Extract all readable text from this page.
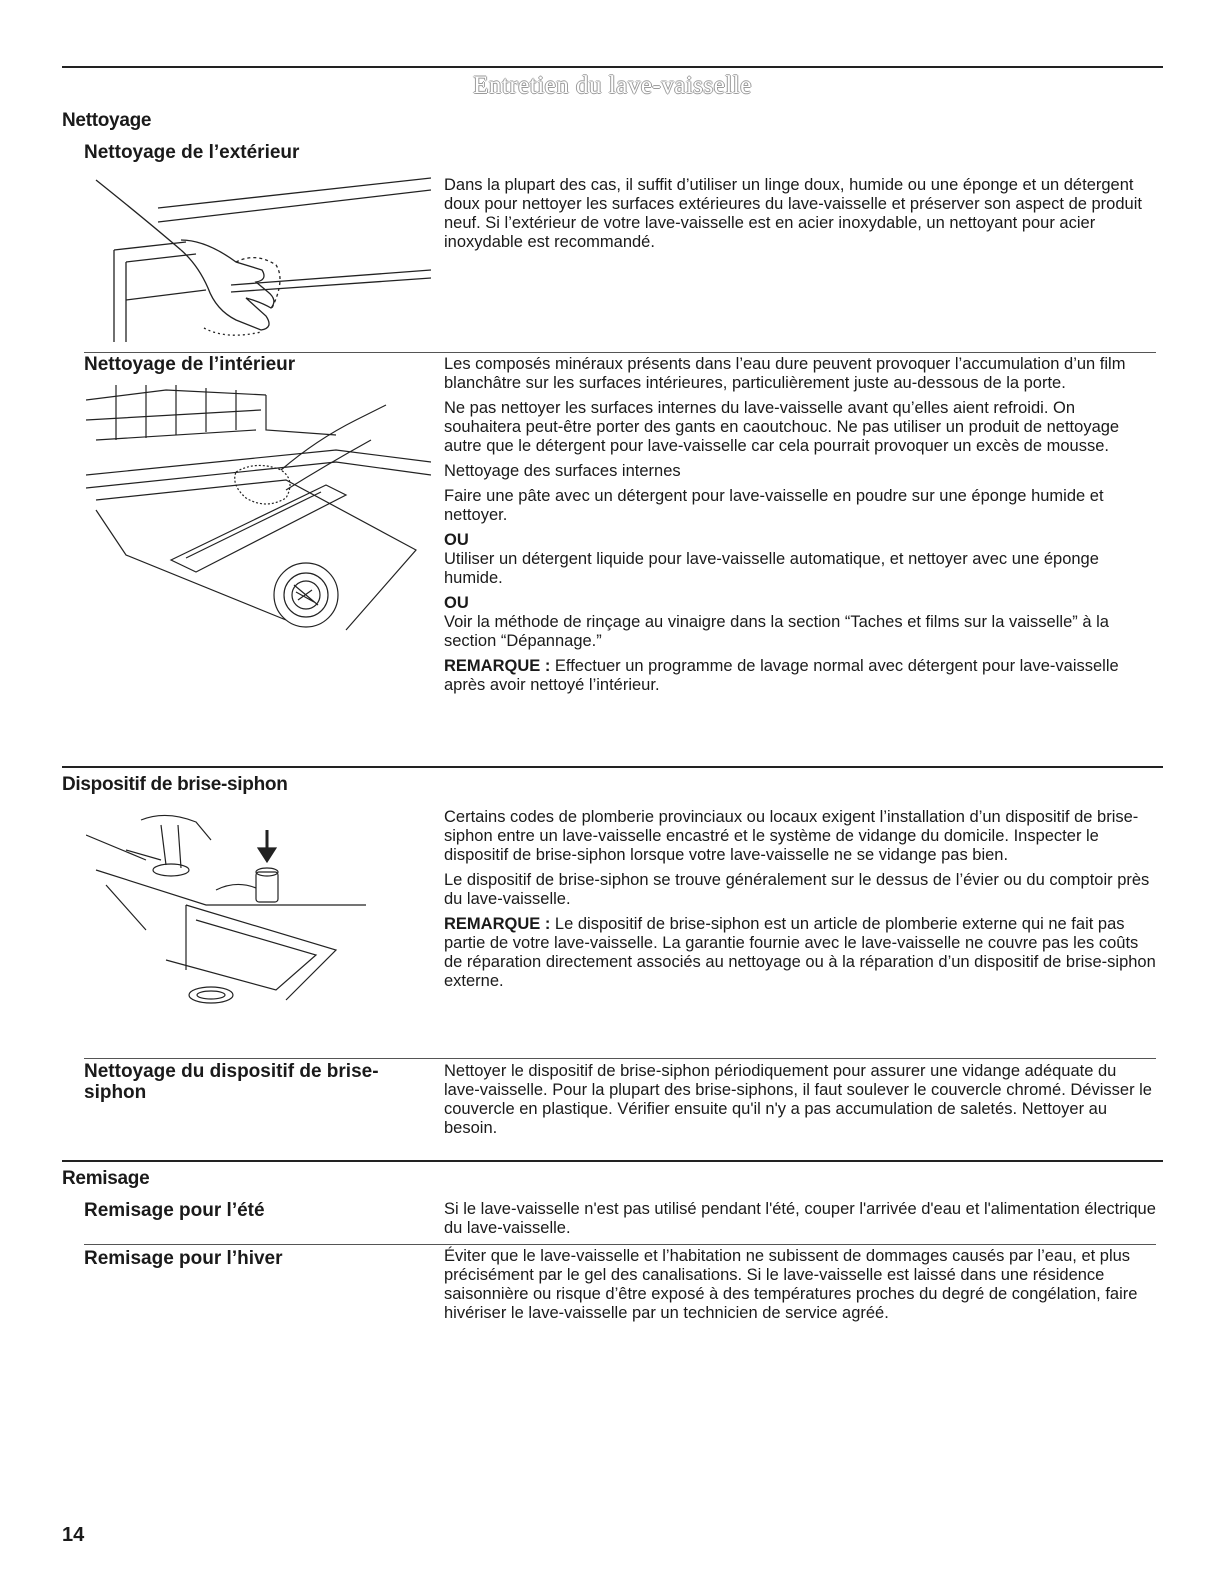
Entretien du lave-vaisselle
Nettoyage
Nettoyage de l’extérieur

Dans la plupart des cas, il suffit d’utiliser un linge doux, humide ou une éponge et un détergent doux pour nettoyer les surfaces extérieures du lave-vaisselle et préserver son aspect de produit neuf. Si l’extérieur de votre lave-vaisselle est en acier inoxydable, un nettoyant pour acier inoxydable est recommandé.

Nettoyage de l’intérieur	Les composés minéraux présents dans l’eau dure peuvent provoquer l’accumulation d’un film blanchâtre sur les surfaces intérieures, particulièrement juste au-dessous de la porte.

Ne pas nettoyer les surfaces internes du lave-vaisselle avant qu’elles aient refroidi. On souhaitera peut-être porter des gants en caoutchouc. Ne pas utiliser un produit de nettoyage autre que le détergent pour lave-vaisselle car cela pourrait provoquer un excès de mousse.

Nettoyage des surfaces internes

Faire une pâte avec un détergent pour lave-vaisselle en poudre sur une éponge humide et nettoyer.

OU

Utiliser un détergent liquide pour lave-vaisselle automatique, et nettoyer avec une éponge humide.

OU

Voir la méthode de rinçage au vinaigre dans la section “Taches et films sur la vaisselle” à la section “Dépannage.”

REMARQUE : Effectuer un programme de lavage normal avec détergent pour lave-vaisselle après avoir nettoyé l’intérieur.

Dispositif de brise-siphon

Certains codes de plomberie provinciaux ou locaux exigent l’installation d’un dispositif de brise-siphon entre un lave-vaisselle encastré et le système de vidange du domicile. Inspecter le dispositif de brise-siphon lorsque votre lave-vaisselle ne se vidange pas bien.

Le dispositif de brise-siphon se trouve généralement sur le dessus de l’évier ou du comptoir près du lave-vaisselle.

REMARQUE : Le dispositif de brise-siphon est un article de plomberie externe qui ne fait pas partie de votre lave-vaisselle. La garantie fournie avec le lave-vaisselle ne couvre pas les coûts de réparation directement associés au nettoyage ou à la réparation d’un dispositif de brise-siphon externe.

Nettoyage du dispositif de brise-siphon

Nettoyer le dispositif de brise-siphon périodiquement pour assurer une vidange adéquate du lave-vaisselle. Pour la plupart des brise-siphons, il faut soulever le couvercle chromé. Dévisser le couvercle en plastique. Vérifier ensuite qu'il n'y a pas accumulation de saletés. Nettoyer au besoin.

Remisage
Remisage pour l’été	Si le lave-vaisselle n'est pas utilisé pendant l'été, couper l'arrivée d'eau et l'alimentation électrique du lave-vaisselle.

Remisage pour l’hiver	Éviter que le lave-vaisselle et l’habitation ne subissent de dommages causés par l’eau, et plus précisément par le gel des canalisations. Si le lave-vaisselle est laissé dans une résidence saisonnière ou risque d’être exposé à des températures proches du degré de congélation, faire hivériser le lave-vaisselle par un technicien de service agréé.

14
